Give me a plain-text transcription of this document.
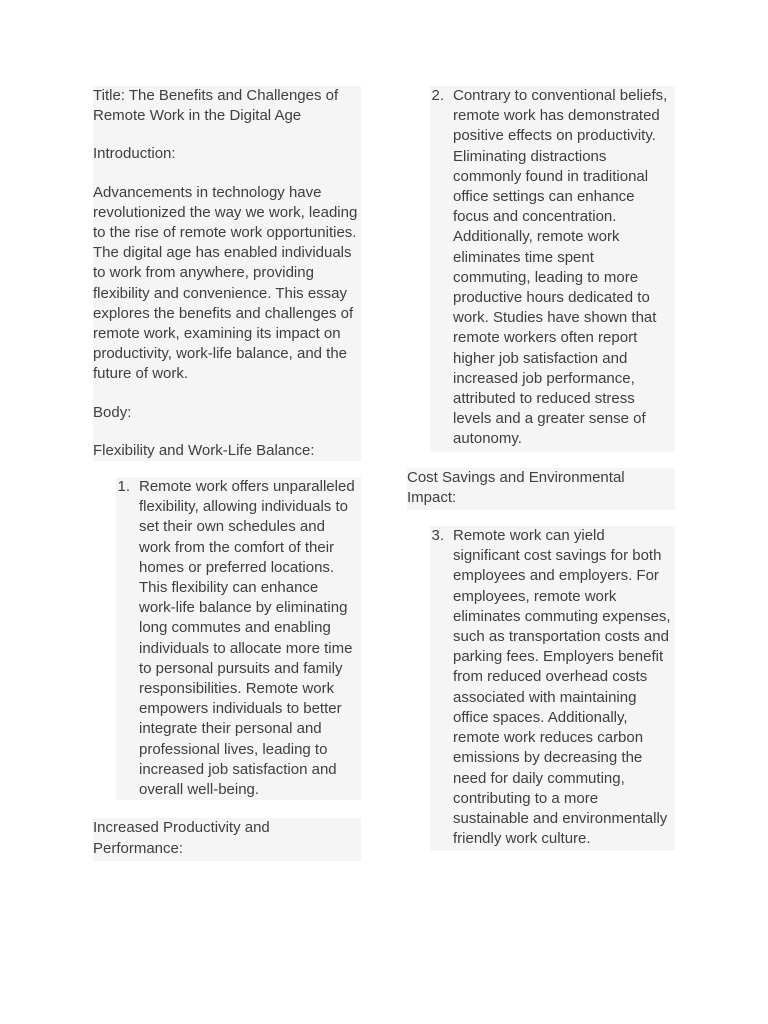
Title: The Benefits and Challenges of Remote Work in the Digital Age

Introduction:

Advancements in technology have revolutionized the way we work, leading to the rise of remote work opportunities. The digital age has enabled individuals to work from anywhere, providing flexibility and convenience. This essay explores the benefits and challenges of remote work, examining its impact on productivity, work-life balance, and the future of work.

Body:

Flexibility and Work-Life Balance:

1. Remote work offers unparalleled flexibility, allowing individuals to set their own schedules and work from the comfort of their homes or preferred locations. This flexibility can enhance work-life balance by eliminating long commutes and enabling individuals to allocate more time to personal pursuits and family responsibilities. Remote work empowers individuals to better integrate their personal and professional lives, leading to increased job satisfaction and overall well-being.

Increased Productivity and Performance:

2. Contrary to conventional beliefs, remote work has demonstrated positive effects on productivity. Eliminating distractions commonly found in traditional office settings can enhance focus and concentration. Additionally, remote work eliminates time spent commuting, leading to more productive hours dedicated to work. Studies have shown that remote workers often report higher job satisfaction and increased job performance, attributed to reduced stress levels and a greater sense of autonomy.

Cost Savings and Environmental Impact:

3. Remote work can yield significant cost savings for both employees and employers. For employees, remote work eliminates commuting expenses, such as transportation costs and parking fees. Employers benefit from reduced overhead costs associated with maintaining office spaces. Additionally, remote work reduces carbon emissions by decreasing the need for daily commuting, contributing to a more sustainable and environmentally friendly work culture.
